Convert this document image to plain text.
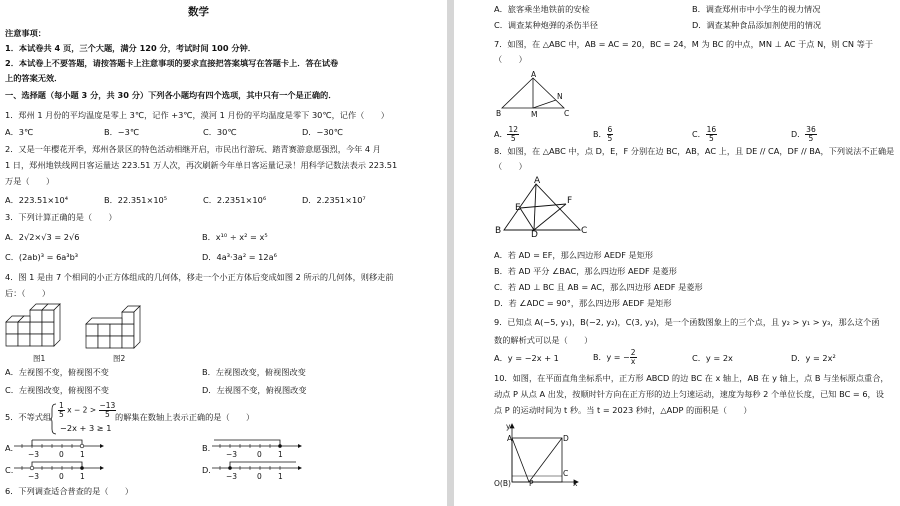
数学
注意事项：
1．本试卷共 4 页，三个大题，满分 120 分，考试时间 100 分钟．
2．本试卷上不要答题，请按答题卡上注意事项的要求直接把答案填写在答题卡上．答在试卷
上的答案无效．
一、选择题（每小题 3 分，共 30 分）下列各小题均有四个选项，其中只有一个是正确的．
1．郑州 1 月份的平均温度是零上 3℃，记作 +3℃，漠河 1 月份的平均温度是零下 30℃，记作（　　）
A．3℃	B．−3℃	C．30℃	D．−30℃
2．又是一年樱花开季，郑州各景区的特色活动相继开启，市民出行游玩、踏青赛游意愿强烈，今年 4 月
1 日，郑州地铁线网日客运量达 223.51 万人次，再次刷新今年单日客运量记录！用科学记数法表示 223.51
万是（　　）
A．223.51×10⁴	B．22.351×10⁵	C．2.2351×10⁶	D．2.2351×10⁷
3．下列计算正确的是（　　）
A．2√2×√3 = 2√6	B．x¹⁰ ÷ x² = x⁵
C．(2ab)³ = 6a³b³	D．4a³·3a² = 12a⁶
4．图 1 是由 7 个相同的小正方体组成的几何体，移走一个小正方体后变成如图 2 所示的几何体，则移走前
后：（　　）
图1	图2
A．左视图不变，俯视图不变	B．左视图改变，俯视图改变
C．左视图改变，俯视图不变	D．左视图不变，俯视图改变
5．不等式组 $\frac{1}{5}$ $x - 2 > \frac{-13}{5}$
−2x + 3 ≥ 1
的解集在数轴上表示正确的是（　　）
A.
−3	0 1
B.
−3	0 1
C.
−3	0 1
D.
−3	0 1
6．下列调查适合普查的是（　　）
A．旅客乘坐地铁前的安检	B．调查郑州市中小学生的视力情况
C．调查某种炮弹的杀伤半径	D．调查某种食品添加剂使用的情况
7．如图，在 △ABC 中，AB = AC = 20，BC = 24，M 为 BC 的中点，MN ⊥ AC 于点 N，则 CN 等于
（　　）
A
B	M	C
N
A． $\frac{12}{5}$	B． $\frac{6}{5}$	C． $\frac{16}{5}$	D． $\frac{36}{5}$
8．如图，在 △ABC 中，点 D，E，F 分别在边 BC，AB，AC 上，且 DE // CA，DF // BA，下列说法不正确是
（　　）
A
E
F
B	D	C
A．若 AD = EF，那么四边形 AEDF 是矩形
B．若 AD 平分 ∠BAC，那么四边形 AEDF 是菱形
C．若 AD ⊥ BC 且 AB = AC，那么四边形 AEDF 是菱形
D．若 ∠ADC = 90°，那么四边形 AEDF 是矩形
9．已知点 A(−5, y₁)，B(−2, y₂)，C(3, y₃)，是一个函数图象上的三个点，且 y₂ > y₁ > y₃，那么这个函
数的解析式可以是（　　）
A．y = −2x + 1	B．y = − $\frac{2}{x}$	C．y = 2x	D．y = 2x²
10．如图，在平面直角坐标系中，正方形 ABCD 的边 BC 在 x 轴上，AB 在 y 轴上，点 B 与坐标原点重合，
动点 P 从点 A 出发，按顺时针方向在正方形的边上匀速运动，速度为每秒 2 个单位长度，已知 BC = 6，设
点 P 的运动时间为 t 秒。当 t = 2023 秒时，△ADP 的面积是（　　）
y
A	D
C
O(B) P	x
